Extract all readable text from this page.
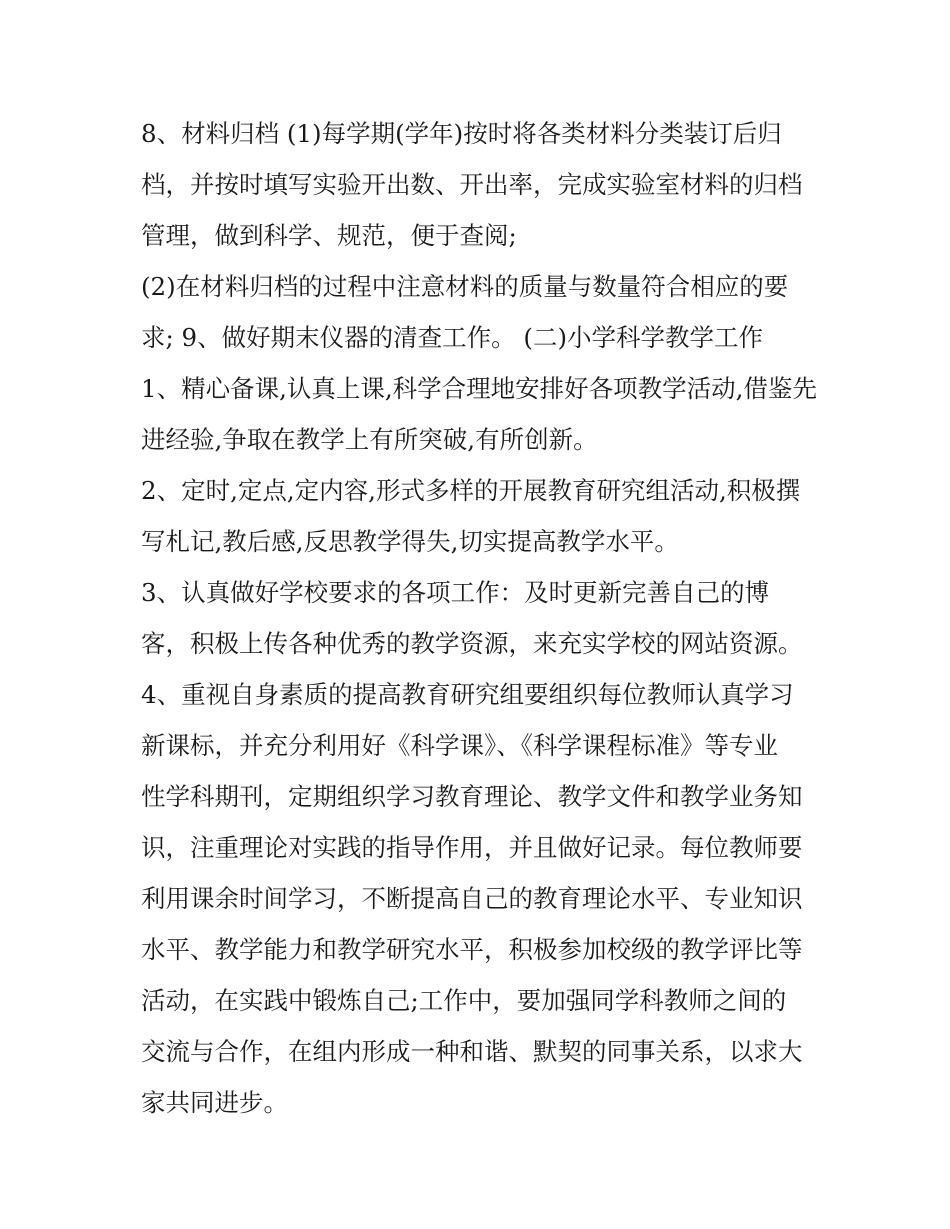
8、材料归档 (1)每学期(学年)按时将各类材料分类装订后归
档，并按时填写实验开出数、开出率，完成实验室材料的归档
管理，做到科学、规范，便于查阅;
(2)在材料归档的过程中注意材料的质量与数量符合相应的要
求; 9、做好期末仪器的清查工作。 (二)小学科学教学工作
1、精心备课,认真上课,科学合理地安排好各项教学活动,借鉴先
进经验,争取在教学上有所突破,有所创新。
2、定时,定点,定内容,形式多样的开展教育研究组活动,积极撰
写札记,教后感,反思教学得失,切实提高教学水平。
3、认真做好学校要求的各项工作：及时更新完善自己的博
客，积极上传各种优秀的教学资源，来充实学校的网站资源。
4、重视自身素质的提高教育研究组要组织每位教师认真学习
新课标，并充分利用好《科学课》、《科学课程标准》等专业
性学科期刊，定期组织学习教育理论、教学文件和教学业务知
识，注重理论对实践的指导作用，并且做好记录。每位教师要
利用课余时间学习，不断提高自己的教育理论水平、专业知识
水平、教学能力和教学研究水平，积极参加校级的教学评比等
活动，在实践中锻炼自己;工作中，要加强同学科教师之间的
交流与合作，在组内形成一种和谐、默契的同事关系，以求大
家共同进步。
